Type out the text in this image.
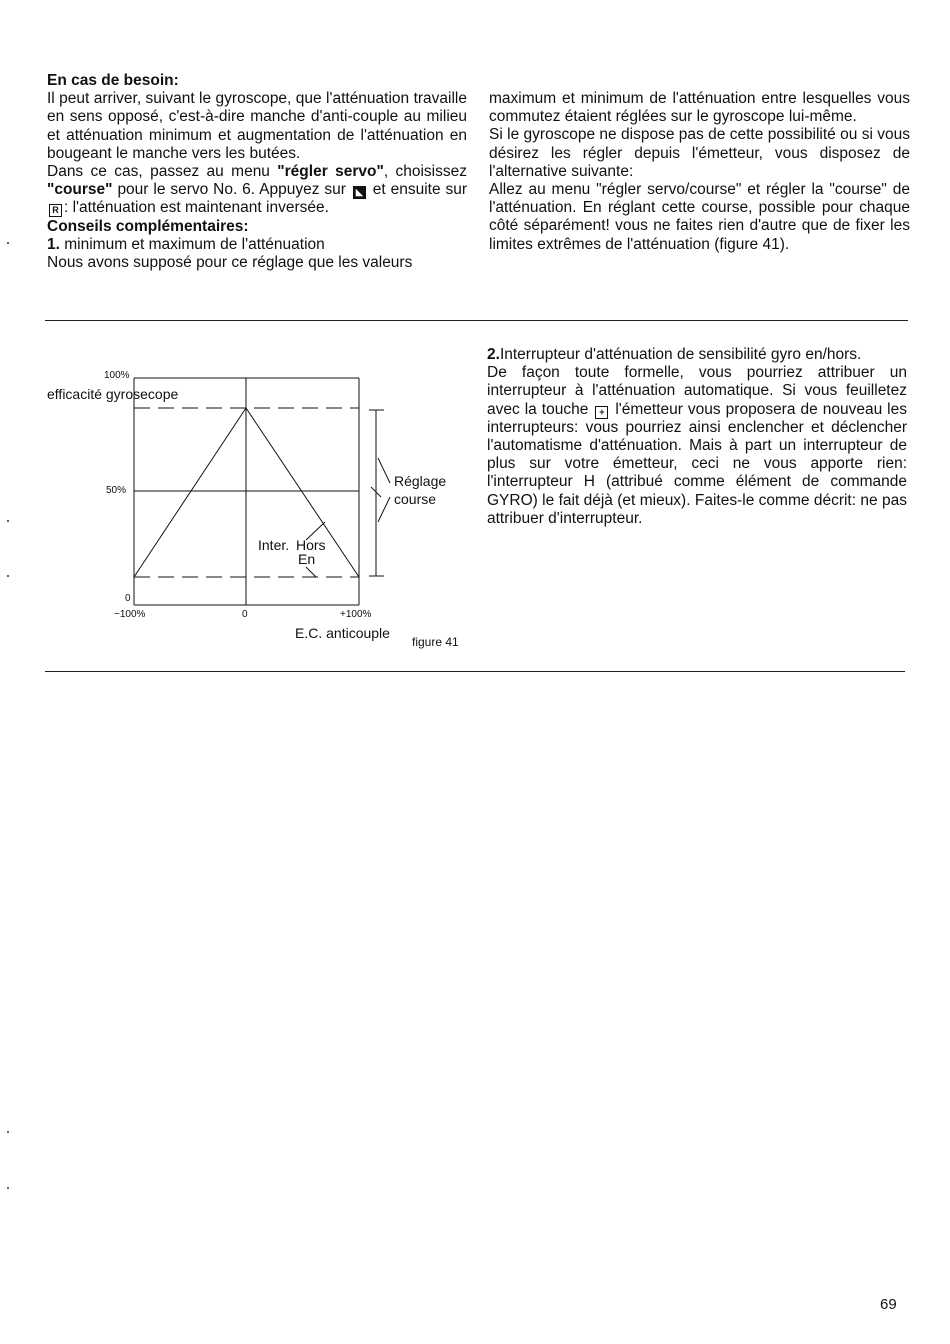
En cas de besoin:

Il peut arriver, suivant le gyroscope, que l'atténuation travaille en sens opposé, c'est-à-dire manche d'anti-couple au milieu et atténuation minimum et augmentation de l'atténuation en bougeant le manche vers les butées.

Dans ce cas, passez au menu "régler servo", choisissez "course" pour le servo No. 6. Appuyez sur ◣ et ensuite sur R : l'atténuation est maintenant inversée.

Conseils complémentaires:

1. minimum et maximum de l'atténuation

Nous avons supposé pour ce réglage que les valeurs

maximum et minimum de l'atténuation entre lesquelles vous commutez étaient réglées sur le gyroscope lui-même.

Si le gyroscope ne dispose pas de cette possibilité ou si vous désirez les régler depuis l'émetteur, vous disposez de l'alternative suivante:

Allez au menu "régler servo/course" et régler la "course" de l'atténuation. En réglant cette course, possible pour chaque côté séparément! vous ne faites rien d'autre que de fixer les limites extrêmes de l'atténuation (figure 41).

2.Interrupteur d'atténuation de sensibilité gyro en/hors.

De façon toute formelle, vous pourriez attribuer un interrupteur à l'atténuation automatique. Si vous feuilletez avec la touche + l'émetteur vous proposera de nouveau les interrupteurs: vous pourriez ainsi enclencher et déclencher l'automatisme d'atténuation. Mais à part un interrupteur de plus sur votre émetteur, ceci ne vous apporte rien: l'interrupteur H (attribué comme élément de commande GYRO) le fait déjà (et mieux). Faites-le comme décrit: ne pas attribuer d'interrupteur.

100%
efficacité gyrosecope
50%
0
−100%	0	+100%
E.C. anticouple
Réglage
course
Inter. Hors
En
figure 41
69
